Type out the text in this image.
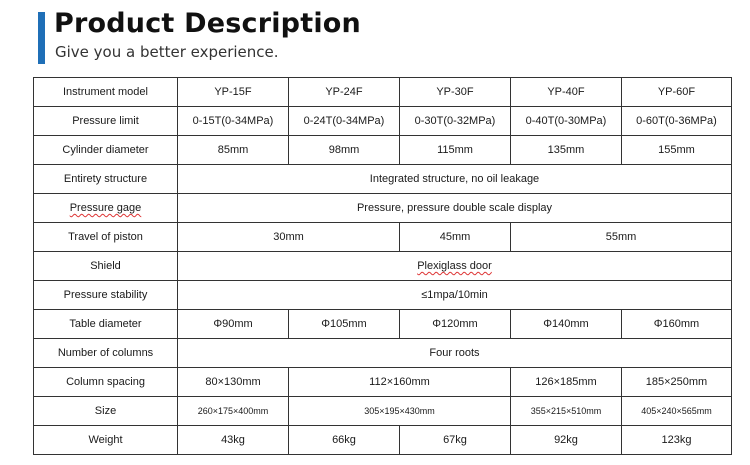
Product Description
Give you a better experience.
Instrument model	YP-15F	YP-24F	YP-30F	YP-40F	YP-60F
Pressure limit	0-15T(0-34MPa)	0-24T(0-34MPa)	0-30T(0-32MPa)	0-40T(0-30MPa)	0-60T(0-36MPa)
Cylinder diameter	85mm	98mm	115mm	135mm	155mm
Entirety structure	Integrated structure, no oil leakage				
Pressure gage	Pressure, pressure double scale display				
Travel of piston	30mm		45mm	55mm	
Shield	Plexiglass door				
Pressure stability	≤1mpa/10min				
Table diameter	Φ90mm	Φ105mm	Φ120mm	Φ140mm	Φ160mm
Number of columns	Four roots				
Column spacing	80×130mm	112×160mm		126×185mm	185×250mm
Size	260×175×400mm	305×195×430mm		355×215×510mm	405×240×565mm
Weight	43kg	66kg	67kg	92kg	123kg
